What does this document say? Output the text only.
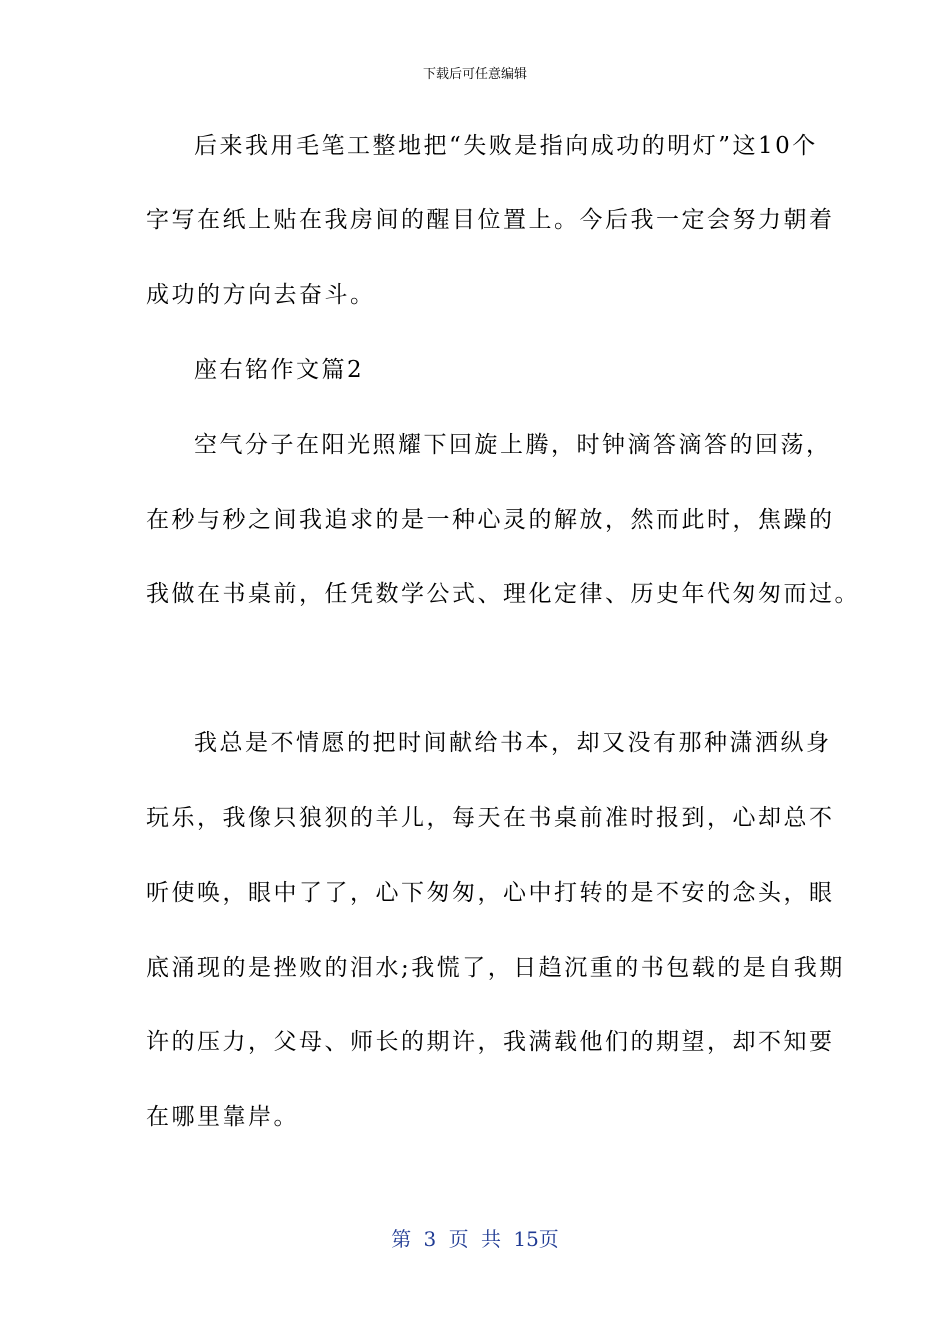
下载后可任意编辑
后来我用毛笔工整地把“失败是指向成功的明灯”这10个
字写在纸上贴在我房间的醒目位置上。今后我一定会努力朝着
成功的方向去奋斗。
座右铭作文篇2
空气分子在阳光照耀下回旋上腾，时钟滴答滴答的回荡，
在秒与秒之间我追求的是一种心灵的解放，然而此时，焦躁的
我做在书桌前，任凭数学公式、理化定律、历史年代匆匆而过。
我总是不情愿的把时间献给书本，却又没有那种潇洒纵身
玩乐，我像只狼狈的羊儿，每天在书桌前准时报到，心却总不
听使唤，眼中了了，心下匆匆，心中打转的是不安的念头，眼
底涌现的是挫败的泪水;我慌了，日趋沉重的书包载的是自我期
许的压力，父母、师长的期许，我满载他们的期望，却不知要
在哪里靠岸。
第 3 页 共 15页
